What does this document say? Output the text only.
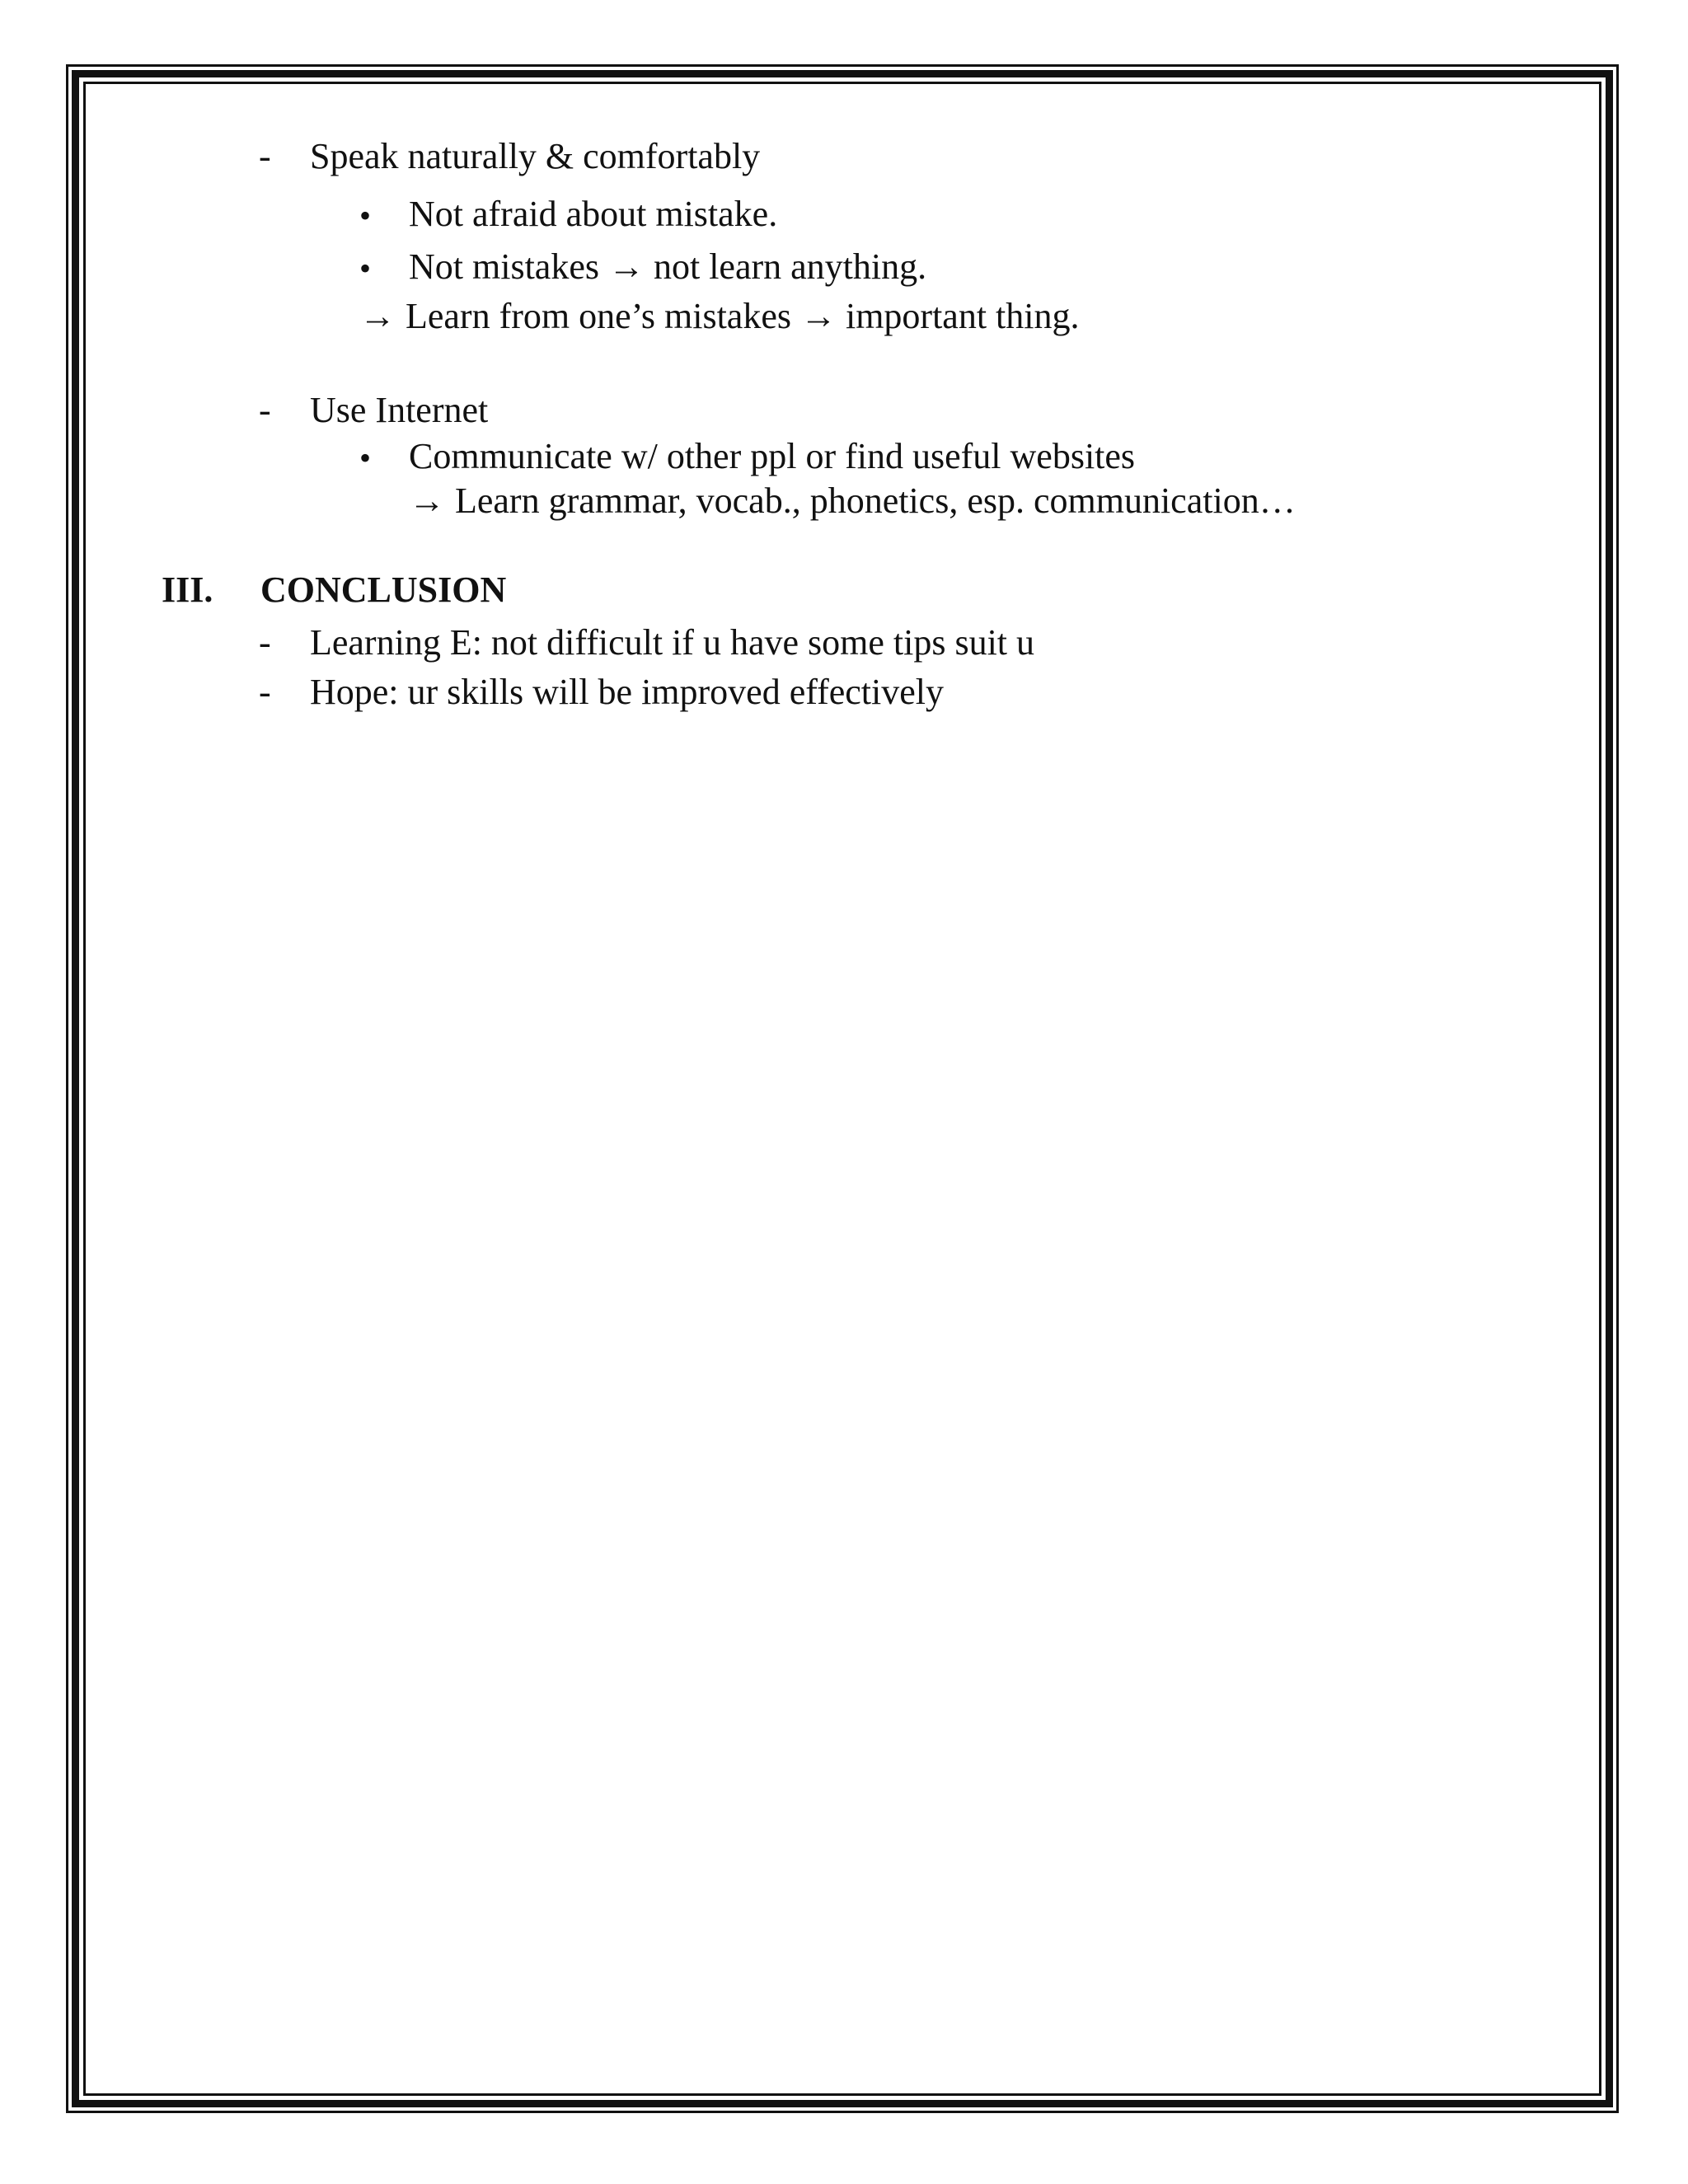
- Speak naturally & comfortably
• Not afraid about mistake.
• Not mistakes → not learn anything.
→ Learn from one’s mistakes → important thing.
- Use Internet
• Communicate w/ other ppl or find useful websites
→ Learn grammar, vocab., phonetics, esp. communication…
III. CONCLUSION
- Learning E: not difficult if u have some tips suit u
- Hope: ur skills will be improved effectively
